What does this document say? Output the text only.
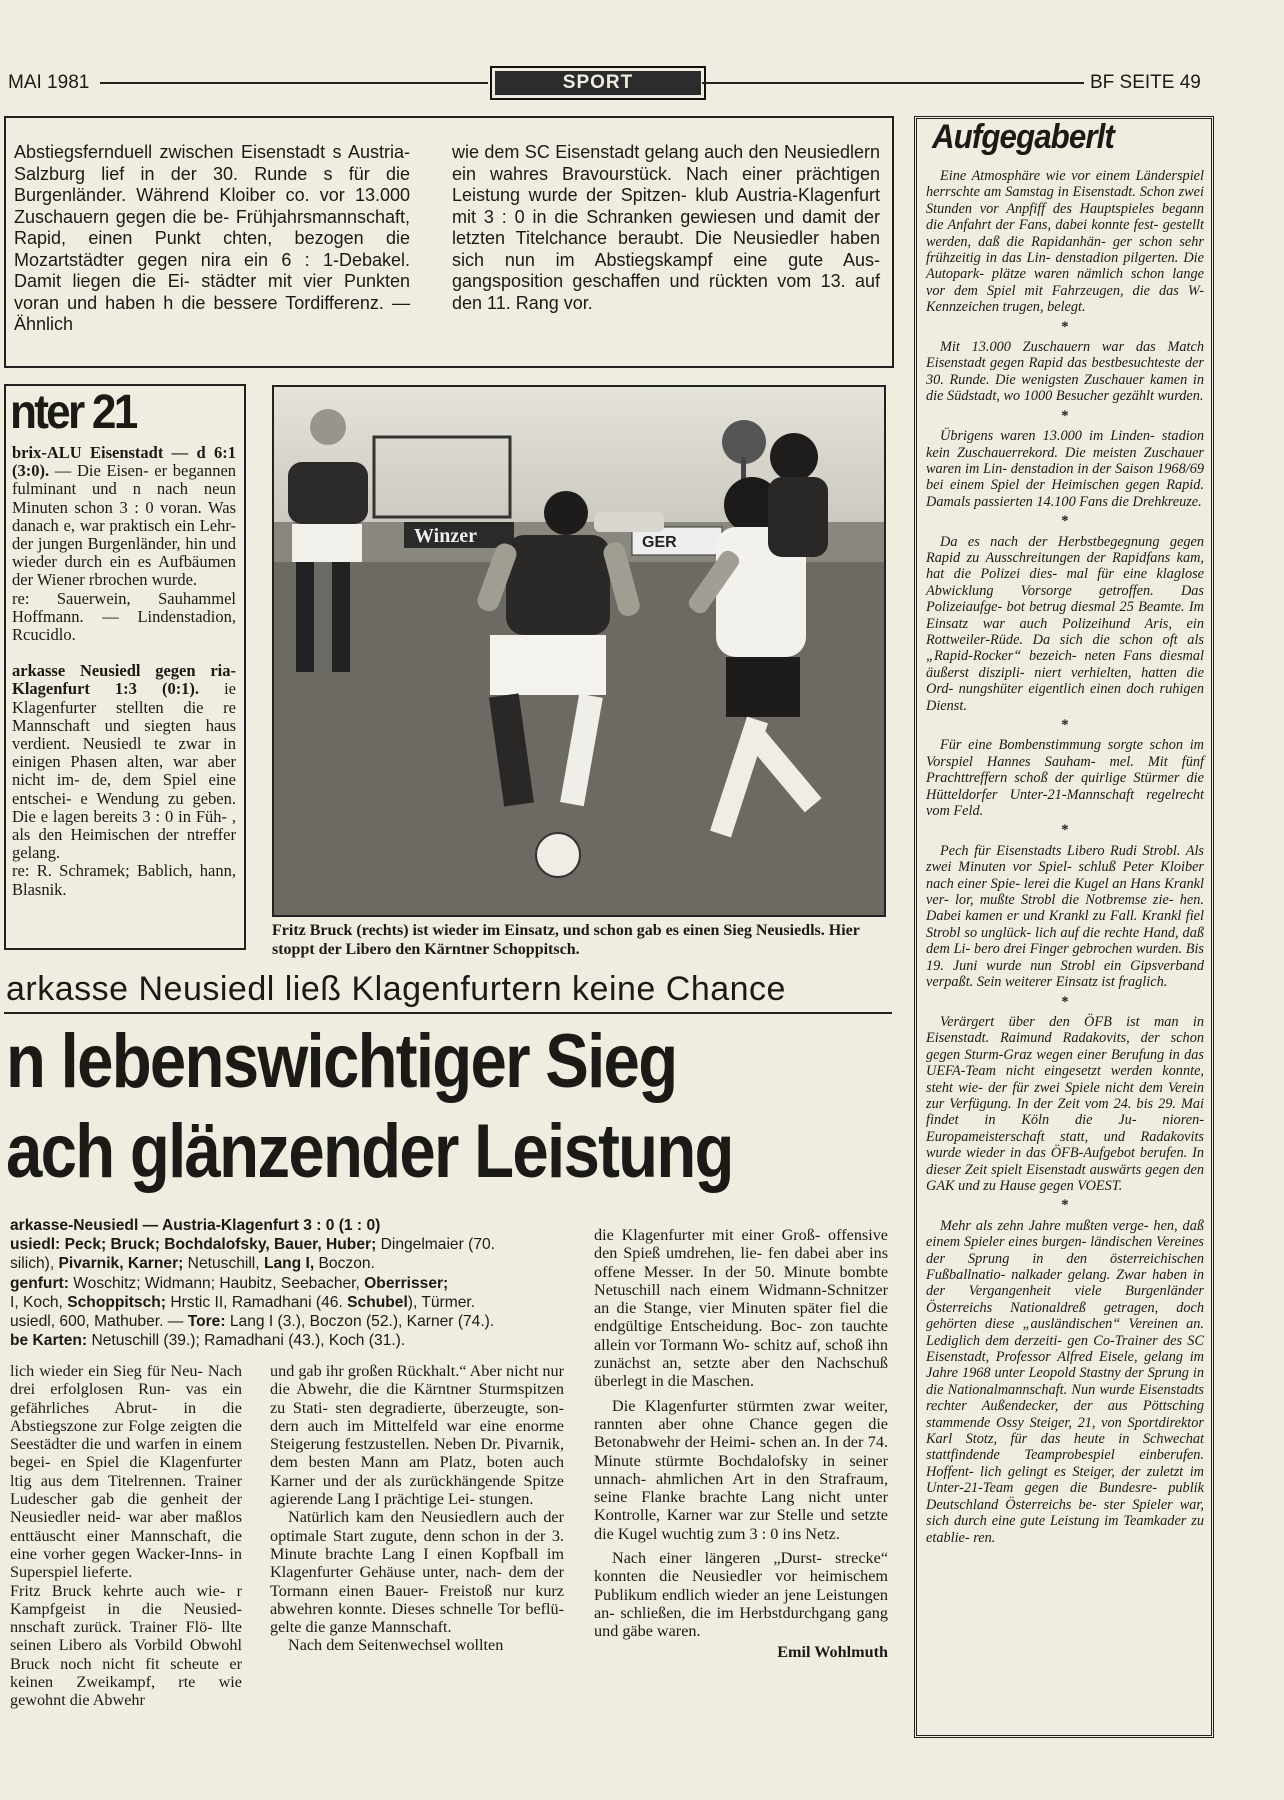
MAI 1981	SPORT	BF SEITE 49

Abstiegsfernduell zwischen Eisenstadt s Austria-Salzburg lief in der 30. Runde s für die Burgenländer. Während Kloiber co. vor 13.000 Zuschauern gegen die be- Frühjahrsmannschaft, Rapid, einen Punkt chten, bezogen die Mozartstädter gegen nira ein 6 : 1-Debakel. Damit liegen die Ei- städter mit vier Punkten voran und haben h die bessere Tordifferenz. — Ähnlich

wie dem SC Eisenstadt gelang auch den Neusiedlern ein wahres Bravourstück. Nach einer prächtigen Leistung wurde der Spitzen- klub Austria-Klagenfurt mit 3 : 0 in die Schranken gewiesen und damit der letzten Titelchance beraubt. Die Neusiedler haben sich nun im Abstiegskampf eine gute Aus- gangsposition geschaffen und rückten vom 13. auf den 11. Rang vor.

nter 21

brix-ALU Eisenstadt — d 6:1 (3:0). — Die Eisen- er begannen fulminant und n nach neun Minuten schon 3 : 0 voran. Was danach e, war praktisch ein Lehr- der jungen Burgenländer, hin und wieder durch ein es Aufbäumen der Wiener rbrochen wurde.

re: Sauerwein, Sauhammel Hoffmann. — Lindenstadion, Rcucidlo.

arkasse Neusiedl gegen ria-Klagenfurt 1:3 (0:1). ie Klagenfurter stellten die re Mannschaft und siegten haus verdient. Neusiedl te zwar in einigen Phasen alten, war aber nicht im- de, dem Spiel eine entschei- e Wendung zu geben. Die e lagen bereits 3 : 0 in Füh- , als den Heimischen der ntreffer gelang.

re: R. Schramek; Bablich, hann, Blasnik.

Winzer	GER
Fritz Bruck (rechts) ist wieder im Einsatz, und schon gab es einen Sieg Neusiedls. Hier stoppt der Libero den Kärntner Schoppitsch.
arkasse Neusiedl ließ Klagenfurtern keine Chance
n lebenswichtiger Sieg
ach glänzender Leistung

arkasse-Neusiedl — Austria-Klagenfurt 3 : 0 (1 : 0)

usiedl: Peck; Bruck; Bochdalofsky, Bauer, Huber; Dingelmaier (70.

silich), Pivarnik, Karner; Netuschill, Lang I, Boczon.

genfurt: Woschitz; Widmann; Haubitz, Seebacher, Oberrisser;

I, Koch, Schoppitsch; Hrstic II, Ramadhani (46. Schubel), Türmer.

usiedl, 600, Mathuber. — Tore: Lang I (3.), Boczon (52.), Karner (74.).

be Karten: Netuschill (39.); Ramadhani (43.), Koch (31.).

lich wieder ein Sieg für Neu- Nach drei erfolglosen Run- vas ein gefährliches Abrut- in die Abstiegszone zur Folge zeigten die Seestädter die und warfen in einem begei- en Spiel die Klagenfurter ltig aus dem Titelrennen. Trainer Ludescher gab die genheit der Neusiedler neid- war aber maßlos enttäuscht einer Mannschaft, die eine vorher gegen Wacker-Inns- in Superspiel lieferte.

Fritz Bruck kehrte auch wie- r Kampfgeist in die Neusied- nnschaft zurück. Trainer Flö- llte seinen Libero als Vorbild Obwohl Bruck noch nicht fit scheute er keinen Zweikampf, rte wie gewohnt die Abwehr

und gab ihr großen Rückhalt.“ Aber nicht nur die Abwehr, die die Kärntner Sturmspitzen zu Stati- sten degradierte, überzeugte, son- dern auch im Mittelfeld war eine enorme Steigerung festzustellen. Neben Dr. Pivarnik, dem besten Mann am Platz, boten auch Karner und der als zurückhängende Spitze agierende Lang I prächtige Lei- stungen.

Natürlich kam den Neusiedlern auch der optimale Start zugute, denn schon in der 3. Minute brachte Lang I einen Kopfball im Klagenfurter Gehäuse unter, nach- dem der Tormann einen Bauer- Freistoß nur kurz abwehren konnte. Dieses schnelle Tor beflü- gelte die ganze Mannschaft.

Nach dem Seitenwechsel wollten

die Klagenfurter mit einer Groß- offensive den Spieß umdrehen, lie- fen dabei aber ins offene Messer. In der 50. Minute bombte Netuschill nach einem Widmann-Schnitzer an die Stange, vier Minuten später fiel die endgültige Entscheidung. Boc- zon tauchte allein vor Tormann Wo- schitz auf, schoß ihn zunächst an, setzte aber den Nachschuß überlegt in die Maschen.

Die Klagenfurter stürmten zwar weiter, rannten aber ohne Chance gegen die Betonabwehr der Heimi- schen an. In der 74. Minute stürmte Bochdalofsky in seiner unnach- ahmlichen Art in den Strafraum, seine Flanke brachte Lang nicht unter Kontrolle, Karner war zur Stelle und setzte die Kugel wuchtig zum 3 : 0 ins Netz.

Nach einer längeren „Durst- strecke“ konnten die Neusiedler vor heimischem Publikum endlich wieder an jene Leistungen an- schließen, die im Herbstdurchgang gang und gäbe waren.

Emil Wohlmuth

Aufgegaberlt

Eine Atmosphäre wie vor einem Länderspiel herrschte am Samstag in Eisenstadt. Schon zwei Stunden vor Anpfiff des Hauptspieles begann die Anfahrt der Fans, dabei konnte fest- gestellt werden, daß die Rapidanhän- ger schon sehr frühzeitig in das Lin- denstadion pilgerten. Die Autopark- plätze waren nämlich schon lange vor dem Spiel mit Fahrzeugen, die das W-Kennzeichen trugen, belegt.

*

Mit 13.000 Zuschauern war das Match Eisenstadt gegen Rapid das bestbesuchteste der 30. Runde. Die wenigsten Zuschauer kamen in die Südstadt, wo 1000 Besucher gezählt wurden.

*

Übrigens waren 13.000 im Linden- stadion kein Zuschauerrekord. Die meisten Zuschauer waren im Lin- denstadion in der Saison 1968/69 bei einem Spiel der Heimischen gegen Rapid. Damals passierten 14.100 Fans die Drehkreuze.

*

Da es nach der Herbstbegegnung gegen Rapid zu Ausschreitungen der Rapidfans kam, hat die Polizei dies- mal für eine klaglose Abwicklung Vorsorge getroffen. Das Polizeiaufge- bot betrug diesmal 25 Beamte. Im Einsatz war auch Polizeihund Aris, ein Rottweiler-Rüde. Da sich die schon oft als „Rapid-Rocker“ bezeich- neten Fans diesmal äußerst diszipli- niert verhielten, hatten die Ord- nungshüter eigentlich einen doch ruhigen Dienst.

*

Für eine Bombenstimmung sorgte schon im Vorspiel Hannes Sauham- mel. Mit fünf Prachttreffern schoß der quirlige Stürmer die Hütteldorfer Unter-21-Mannschaft regelrecht vom Feld.

*

Pech für Eisenstadts Libero Rudi Strobl. Als zwei Minuten vor Spiel- schluß Peter Kloiber nach einer Spie- lerei die Kugel an Hans Krankl ver- lor, mußte Strobl die Notbremse zie- hen. Dabei kamen er und Krankl zu Fall. Krankl fiel Strobl so unglück- lich auf die rechte Hand, daß dem Li- bero drei Finger gebrochen wurden. Bis 19. Juni wurde nun Strobl ein Gipsverband verpaßt. Sein weiterer Einsatz ist fraglich.

*

Verärgert über den ÖFB ist man in Eisenstadt. Raimund Radakovits, der schon gegen Sturm-Graz wegen einer Berufung in das UEFA-Team nicht eingesetzt werden konnte, steht wie- der für zwei Spiele nicht dem Verein zur Verfügung. In der Zeit vom 24. bis 29. Mai findet in Köln die Ju- nioren-Europameisterschaft statt, und Radakovits wurde wieder in das ÖFB-Aufgebot berufen. In dieser Zeit spielt Eisenstadt auswärts gegen den GAK und zu Hause gegen VOEST.

*

Mehr als zehn Jahre mußten verge- hen, daß einem Spieler eines burgen- ländischen Vereines der Sprung in den österreichischen Fußballnatio- nalkader gelang. Zwar haben in der Vergangenheit viele Burgenländer Österreichs Nationaldreß getragen, doch gehörten diese „ausländischen“ Vereinen an. Lediglich dem derzeiti- gen Co-Trainer des SC Eisenstadt, Professor Alfred Eisele, gelang im Jahre 1968 unter Leopold Stastny der Sprung in die Nationalmannschaft. Nun wurde Eisenstadts rechter Außendecker, der aus Pöttsching stammende Ossy Steiger, 21, von Sportdirektor Karl Stotz, für das heute in Schwechat stattfindende Teamprobespiel einberufen. Hoffent- lich gelingt es Steiger, der zuletzt im Unter-21-Team gegen die Bundesre- publik Deutschland Österreichs be- ster Spieler war, sich durch eine gute Leistung im Teamkader zu etablie- ren.
